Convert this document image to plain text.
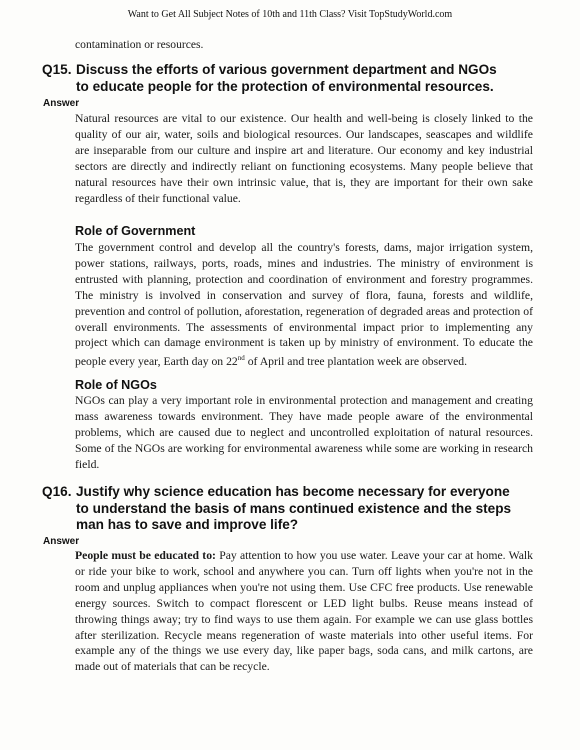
Want to Get All Subject Notes of 10th and 11th Class? Visit TopStudyWorld.com
contamination or resources.
Q15. Discuss the efforts of various government department and NGOs
to educate people for the protection of environmental resources.
Answer
Natural resources are vital to our existence. Our health and well-being is closely linked to the quality of our air, water, soils and biological resources. Our landscapes, seascapes and wildlife are inseparable from our culture and inspire art and literature. Our economy and key industrial sectors are directly and indirectly reliant on functioning ecosystems. Many people believe that natural resources have their own intrinsic value, that is, they are important for their own sake regardless of their functional value.
Role of Government
The government control and develop all the country's forests, dams, major irrigation system, power stations, railways, ports, roads, mines and industries. The ministry of environment is entrusted with planning, protection and coordination of environment and forestry programmes. The ministry is involved in conservation and survey of flora, fauna, forests and wildlife, prevention and control of pollution, aforestation, regeneration of degraded areas and protection of overall environments. The assessments of environmental impact prior to implementing any project which can damage environment is taken up by ministry of environment. To educate the people every year, Earth day on 22nd of April and tree plantation week are observed.
Role of NGOs
NGOs can play a very important role in environmental protection and management and creating mass awareness towards environment. They have made people aware of the environmental problems, which are caused due to neglect and uncontrolled exploitation of natural resources. Some of the NGOs are working for environmental awareness while some are working in research field.
Q16. Justify why science education has become necessary for everyone
to understand the basis of mans continued existence and the steps
man has to save and improve life?
Answer
People must be educated to: Pay attention to how you use water. Leave your car at home. Walk or ride your bike to work, school and anywhere you can. Turn off lights when you're not in the room and unplug appliances when you're not using them. Use CFC free products. Use renewable energy sources. Switch to compact florescent or LED light bulbs. Reuse means instead of throwing things away; try to find ways to use them again. For example we can use glass bottles after sterilization. Recycle means regeneration of waste materials into other useful items. For example any of the things we use every day, like paper bags, soda cans, and milk cartons, are made out of materials that can be recycle.
